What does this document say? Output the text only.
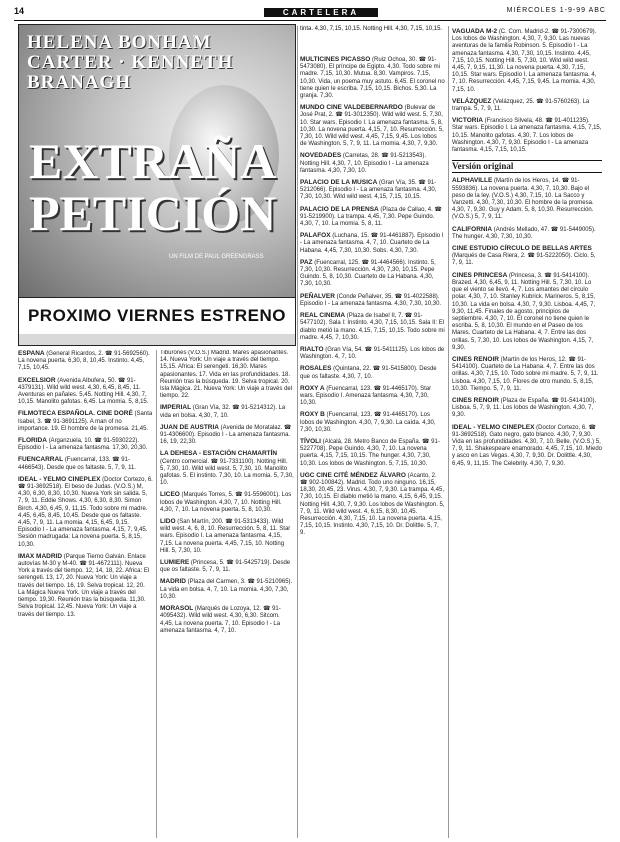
14	CARTELERA	MIÉRCOLES 1-9-99 ABC
HELENA BONHAM CARTER · KENNETH BRANAGH
EXTRAÑA
PETICIÓN
UN FILM DE PAUL GREENGRASS
PROXIMO VIERNES ESTRENO
tinta. 4,30, 7,15, 10,15. Notting Hill. 4,30, 7,15, 10,15.
ESPAÑA (General Ricardos, 2. ☎ 91-5692560). La novena puerta. 6,30, 8, 10,45. Instinto. 4,45, 7,15, 10,45.
EXCELSIOR (Avenida Albufera, 50. ☎ 91-4379131). Wild wild west. 4,30, 6,45, 8,45, 11. Aventuras en pañales. 5,45. Notting Hill. 4,30, 7, 10,15. Manolito gafotas. 6,45. La momia. 5, 8,15.
FILMOTECA ESPAÑOLA. CINE DORÉ (Santa Isabel, 3. ☎ 91-3691125). A man of no importance. 19. El hombre de la promesa. 21,45.
FLORIDA (Arganzuela, 10. ☎ 91-5930222). Episodio I - La amenaza fantasma. 17,30, 20,30.
FUENCARRAL (Fuencarral, 133. ☎ 91-4466543). Desde que os faltaste. 5, 7, 9, 11.
IDEAL - YELMO CINEPLEX (Doctor Cortezo, 6. ☎ 91-3692518). El beso de Judas. (V.O.S.) M, 4,30, 6,30, 8,30, 10,30. Nueva York sin salida. 5, 7, 9, 11. Eddie Shows. 4,30, 6,30, 8,30. Simon Birch. 4,30, 6,45, 9, 11,15. Todo sobre mi madre. 4,45, 6,45, 8,45, 10,45. Desde que os faltaste. 4,45, 7, 9, 11. La momia. 4,15, 6,45, 9,15. Episodio I - La amenaza fantasma. 4,15, 7, 9,45. Sesión madrugada: La novena puerta. 5, 8,15, 10,30.
IMAX MADRID (Parque Tierno Galván. Enlace autovías M-30 y M-40. ☎ 91-4672111). Nueva York a través del tiempo. 12, 14, 18, 22. Africa: El serengeti. 13, 17, 20. Nueva York: Un viaje a través del tiempo. 16, 19. Selva tropical. 12, 20. La Mágica Nueva York. Un viaje a través del tiempo. 19,30. Reunión tras la búsqueda. 11,30. Selva tropical. 12,45. Nueva York: Un viaje a través del tiempo. 13.
Tiburones (V.O.S.) Madrid. Mares apasionantes. 14. Nueva York: Un viaje a través del tiempo. 15,15. Africa: El serengeti. 16,30. Mares apasionantes. 17. Vida en las profundidades. 18. Reunión tras la búsqueda. 19. Selva tropical. 20. Isla Mágica. 21. Nueva York: Un viaje a través del tiempo. 22.
IMPERIAL (Gran Vía, 32. ☎ 91-5214312). La vida en bolsa. 4,30, 7, 10.
JUAN DE AUSTRIA (Avenida de Moratalaz. ☎ 91-4306600). Episodio I - La amenaza fantasma. 16, 19, 22,30.
LA DEHESA - ESTACIÓN CHAMARTÍN (Centro comercial. ☎ 91-7331100). Notting Hill. 5, 7,30, 10. Wild wild west. 5, 7,30, 10. Manolito gafotas. 5. El instinto. 7,30, 10. La momia. 5, 7,30, 10.
LICEO (Marqués Torres, 5. ☎ 91-5596001). Los lobos de Washington. 4,30, 7, 10. Notting Hill. 4,30, 7, 10. La novena puerta. 5, 8, 10,30.
LIDO (San Martín, 200. ☎ 91-5313433). Wild wild west. 4, 6, 8, 10. Resurrección. 5, 8, 11. Star wars. Episodio I. La amenaza fantasma. 4,15, 7,15. La novena puerta. 4,45, 7,15, 10. Notting Hill. 5, 7,30, 10.
LUMIERE (Princesa, 5. ☎ 91-5425719). Desde que os faltaste. 5, 7, 9, 11.
MADRID (Plaza del Carmen, 3. ☎ 91-5210965). La vida en bolsa. 4, 7, 10. La momia. 4,30, 7,30, 10,30.
MORASOL (Marqués de Lozoya, 12. ☎ 91-4095432). Wild wild west. 4,30, 6,30. Sitcom. 4,45. La novena puerta. 7, 10. Episodio I - La amenaza fantasma. 4, 7, 10.
MULTICINES PICASSO (Ruiz Ochoa, 30. ☎ 91-5473080). El príncipe de Egipto. 4,30. Todo sobre mi madre. 7,15, 10,30. Mutua. 8,30. Vampiros. 7,15, 10,30. Vida, un poema muy astuto. 6,45. El coronel no tiene quien le escriba. 7,15, 10,15. Bichos. 5,30. La granja. 7,30.
MUNDO CINE VALDEBERNARDO (Bulevar de José Prat, 2. ☎ 91-3012350). Wild wild west. 5, 7,30, 10. Star wars. Episodio I. La amenaza fantasma. 5, 8, 10,30. La novena puerta. 4,15, 7, 10. Resurrección. 5, 7,30, 10. Wild wild west. 4,45, 7,15, 9,45. Los lobos de Washington. 5, 7, 9, 11. La momia. 4,30, 7, 9,30.
NOVEDADES (Carretas, 28. ☎ 91-5213543). Notting Hill. 4,30, 7, 10. Episodio I - La amenaza fantasma. 4,30, 7,30, 10.
PALACIO DE LA MUSICA (Gran Vía, 35. ☎ 91-5212066). Episodio I - La amenaza fantasma. 4,30, 7,30, 10,30. Wild wild west. 4,15, 7,15, 10,15.
PALACIO DE LA PRENSA (Plaza de Callao, 4. ☎ 91-5219900). La trampa. 4,45, 7,30. Pepe Guindo. 4,30, 7, 10. La momia. 5, 8, 11.
PALAFOX (Luchana, 15. ☎ 91-4461887). Episodio I - La amenaza fantasma. 4, 7, 10. Cuarteto de La Habana. 4,45, 7,30, 10,30. Sobs. 4,30, 7,30.
PAZ (Fuencarral, 125. ☎ 91-4464566). Instinto. 5, 7,30, 10,30. Resurrección. 4,30, 7,30, 10,15. Pepe Guindo. 5, 8, 10,30. Cuarteto de La Habana. 4,30, 7,30, 10,30.
PEÑALVER (Conde Peñalver, 35. ☎ 91-4022588). Episodio I - La amenaza fantasma. 4,30, 7,30, 10,30.
REAL CINEMA (Plaza de Isabel II, 7. ☎ 91-5477102). Sala I: Instinto. 4,30, 7,15, 10,15. Sala II: El diablo metió la mano. 4,15, 7,15, 10,15. Todo sobre mi madre. 4,45, 7, 10,30.
RIALTO (Gran Vía, 54. ☎ 91-5411125). Los lobos de Washington. 4, 7, 10.
ROSALES (Quintana, 22. ☎ 91-5415800). Desde que os faltaste. 4,30, 7, 10.
ROXY A (Fuencarral, 123. ☎ 91-4465170). Star wars. Episodio I. Amenaza fantasma. 4,30, 7,30, 10,30.
ROXY B (Fuencarral, 123. ☎ 91-4465170). Los lobos de Washington. 4,30, 7, 9,30. La caída. 4,30, 7,30, 10,30.
TÍVOLI (Alcalá, 28. Metro Banco de España. ☎ 91-5227708). Pepe Guindo. 4,30, 7, 10. La novena puerta. 4,15, 7,15, 10,15. The hunger. 4,30, 7,30, 10,30. Los lobos de Washington. 5, 7,15, 10,30.
UGC CINE CITÉ MÉNDEZ ÁLVARO (Acanto, 2. ☎ 902-100842). Madrid. Todo uno ninguno. 16,15, 18,30, 20,45, 23. Virus. 4,30, 7, 9,30. La trampa. 4,45, 7,30, 10,15. El diablo metió la mano. 4,15, 6,45, 9,15. Notting Hill. 4,30, 7, 9,30. Los lobos de Washington. 5, 7, 9, 11. Wild wild west. 4, 6,15, 8,30, 10,45. Resurrección. 4,30, 7,15, 10. La novena puerta. 4,15, 7,15, 10,15. Instinto. 4,30, 7,15, 10. Dr. Dolittle. 5, 7, 9.
VAGUADA M-2 (C. Com. Madrid-2. ☎ 91-7300679). Los lobos de Washington. 4,30, 7, 9,30. Las nuevas aventuras de la familia Robinson. 5. Episodio I - La amenaza fantasma. 4,30, 7,30, 10,15. Instinto. 4,45, 7,15, 10,15. Notting Hill. 5, 7,30, 10. Wild wild west. 4,45, 7, 9,15, 11,30. La novena puerta. 4,30, 7,15, 10,15. Star wars. Episodio I. La amenaza fantasma. 4, 7, 10. Resurrección. 4,45, 7,15, 9,45. La momia. 4,30, 7,15, 10.
VELÁZQUEZ (Velázquez, 25. ☎ 91-5760263). La trampa. 5, 7, 9, 11.
VICTORIA (Francisco Silvela, 48. ☎ 91-4011235). Star wars. Episodio I. La amenaza fantasma. 4,15, 7,15, 10,15. Manolito gafotas. 4,30, 7. Los lobos de Washington. 4,30, 7, 9,30. Episodio I - La amenaza fantasma. 4,15, 7,15, 10,15.
Versión original
ALPHAVILLE (Martín de los Heros, 14. ☎ 91-5593836). La novena puerta. 4,30, 7, 10,30. Bajo el peso de la ley. (V.O.S.) 4,30, 7,15, 10. La Sacco y Vanzetti. 4,30, 7,30, 10,30. El hombre de la promesa. 4,30, 7, 9,30. Guy y Adam. 5, 8, 10,30. Resurrección. (V.O.S.) 5, 7, 9, 11.
CALIFORNIA (Andrés Mellado, 47. ☎ 91-5449005). The hunger. 4,30, 7,30, 10,30.
CINE ESTUDIO CÍRCULO DE BELLAS ARTES (Marqués de Casa Riera, 2. ☎ 91-5222050). Ciclo. 5, 7, 9, 11.
CINES PRINCESA (Princesa, 3. ☎ 91-5414100). Brazed. 4,30, 6,45, 9, 11. Notting Hill. 5, 7,30, 10. Lo que el viento se llevó. 4, 7. Los amantes del círculo polar. 4,30, 7, 10. Stanley Kubrick. Marineros. 5, 8,15, 10,30. La vida en bolsa. 4,30, 7, 9,30. Lisboa. 4,45, 7, 9,30, 11,45. Finales de agosto, principios de septiembre. 4,30, 7, 10. El coronel no tiene quien le escriba. 5, 8, 10,30. El mundo en el Paseo de los Mares. Cuarteto de La Habana. 4, 7. Entre las dos orillas. 5, 7,30, 10. Los lobos de Washington. 4,15, 7, 9,30.
CINES RENOIR (Martín de los Heros, 12. ☎ 91-5414100). Cuarteto de La Habana. 4, 7. Entre las dos orillas. 4,30, 7,15, 10. Todo sobre mi madre. 5, 7, 9, 11. Lisboa. 4,30, 7,15, 10. Flores de otro mundo. 5, 8,15, 10,30. Tiempo. 5, 7, 9, 11.
CINES RENOIR (Plaza de España. ☎ 91-5414100). Lisboa. 5, 7, 9, 11. Los lobos de Washington. 4,30, 7, 9,30.
IDEAL - YELMO CINEPLEX (Doctor Cortezo, 6. ☎ 91-3692518). Gato negro, gato blanco. 4,30, 7, 9,30. Vida en las profundidades. 4,30, 7, 10. Belle. (V.O.S.) 5, 7, 9, 11. Shakespeare enamorado. 4,45, 7,15, 10. Miedo y asco en Las Vegas. 4,30, 7, 9,30. Dr. Dolittle. 4,30, 6,45, 9, 11,15. The Celebrity. 4,30, 7, 9,30.
